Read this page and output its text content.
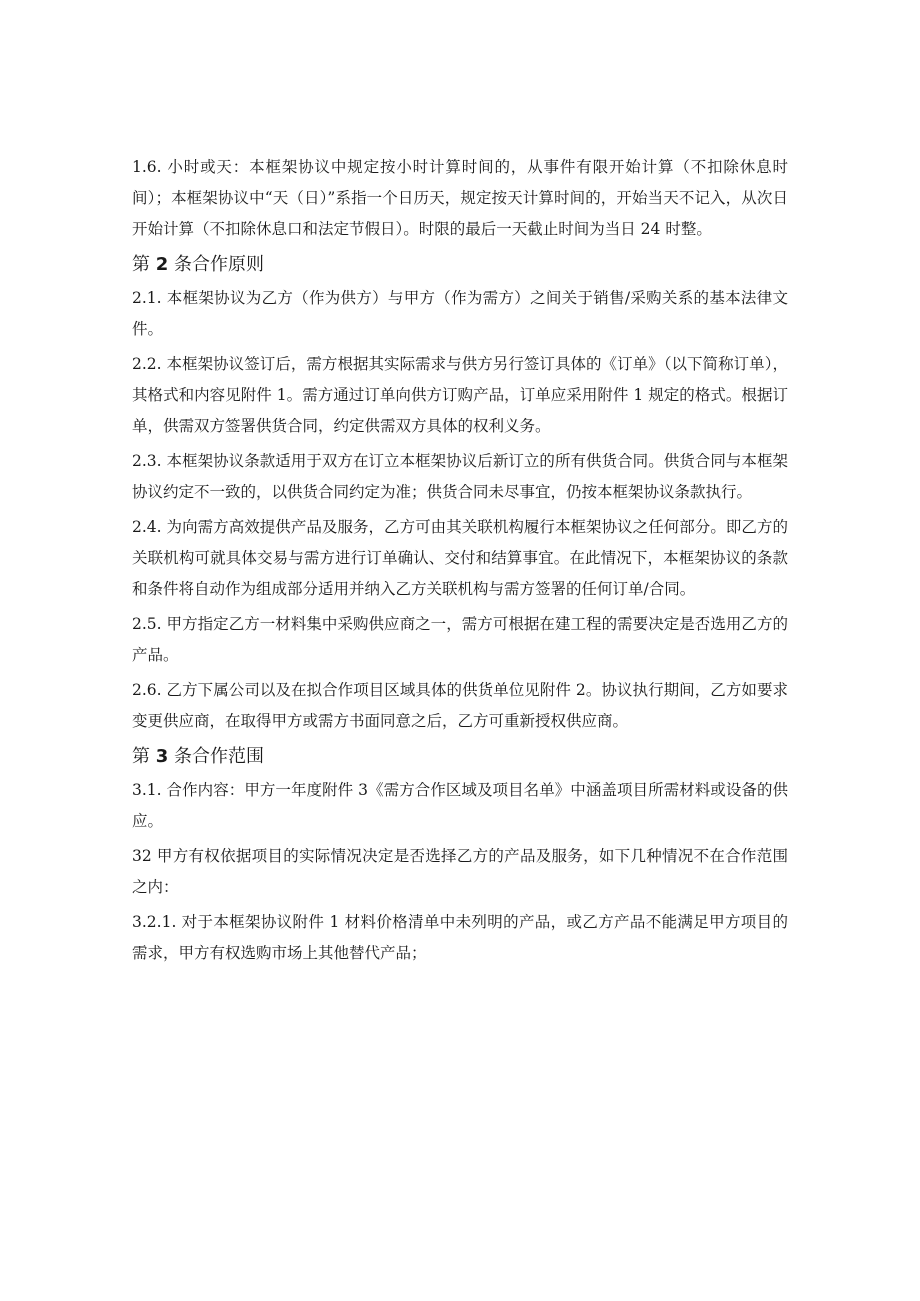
1.6. 小时或天：本框架协议中规定按小时计算时间的，从事件有限开始计算（不扣除休息时间）；本框架协议中“天（日）”系指一个日历天，规定按天计算时间的，开始当天不记入，从次日开始计算（不扣除休息口和法定节假日）。时限的最后一天截止时间为当日 24 时整。

第 2 条合作原则

2.1. 本框架协议为乙方（作为供方）与甲方（作为需方）之间关于销售/采购关系的基本法律文件。

2.2. 本框架协议签订后，需方根据其实际需求与供方另行签订具体的《订单》（以下简称订单），其格式和内容见附件 1。需方通过订单向供方订购产品，订单应采用附件 1 规定的格式。根据订单，供需双方签署供货合同，约定供需双方具体的权利义务。

2.3. 本框架协议条款适用于双方在订立本框架协议后新订立的所有供货合同。供货合同与本框架协议约定不一致的，以供货合同约定为准；供货合同未尽事宜，仍按本框架协议条款执行。

2.4. 为向需方高效提供产品及服务，乙方可由其关联机构履行本框架协议之任何部分。即乙方的关联机构可就具体交易与需方进行订单确认、交付和结算事宜。在此情况下，本框架协议的条款和条件将自动作为组成部分适用并纳入乙方关联机构与需方签署的任何订单/合同。

2.5. 甲方指定乙方一材料集中采购供应商之一，需方可根据在建工程的需要决定是否选用乙方的产品。

2.6. 乙方下属公司以及在拟合作项目区域具体的供货单位见附件 2。协议执行期间，乙方如要求变更供应商，在取得甲方或需方书面同意之后，乙方可重新授权供应商。

第 3 条合作范围

3.1. 合作内容：甲方一年度附件 3《需方合作区域及项目名单》中涵盖项目所需材料或设备的供应。

32 甲方有权依据项目的实际情况决定是否选择乙方的产品及服务，如下几种情况不在合作范围之内：

3.2.1. 对于本框架协议附件 1 材料价格清单中未列明的产品，或乙方产品不能满足甲方项目的需求，甲方有权选购市场上其他替代产品；
